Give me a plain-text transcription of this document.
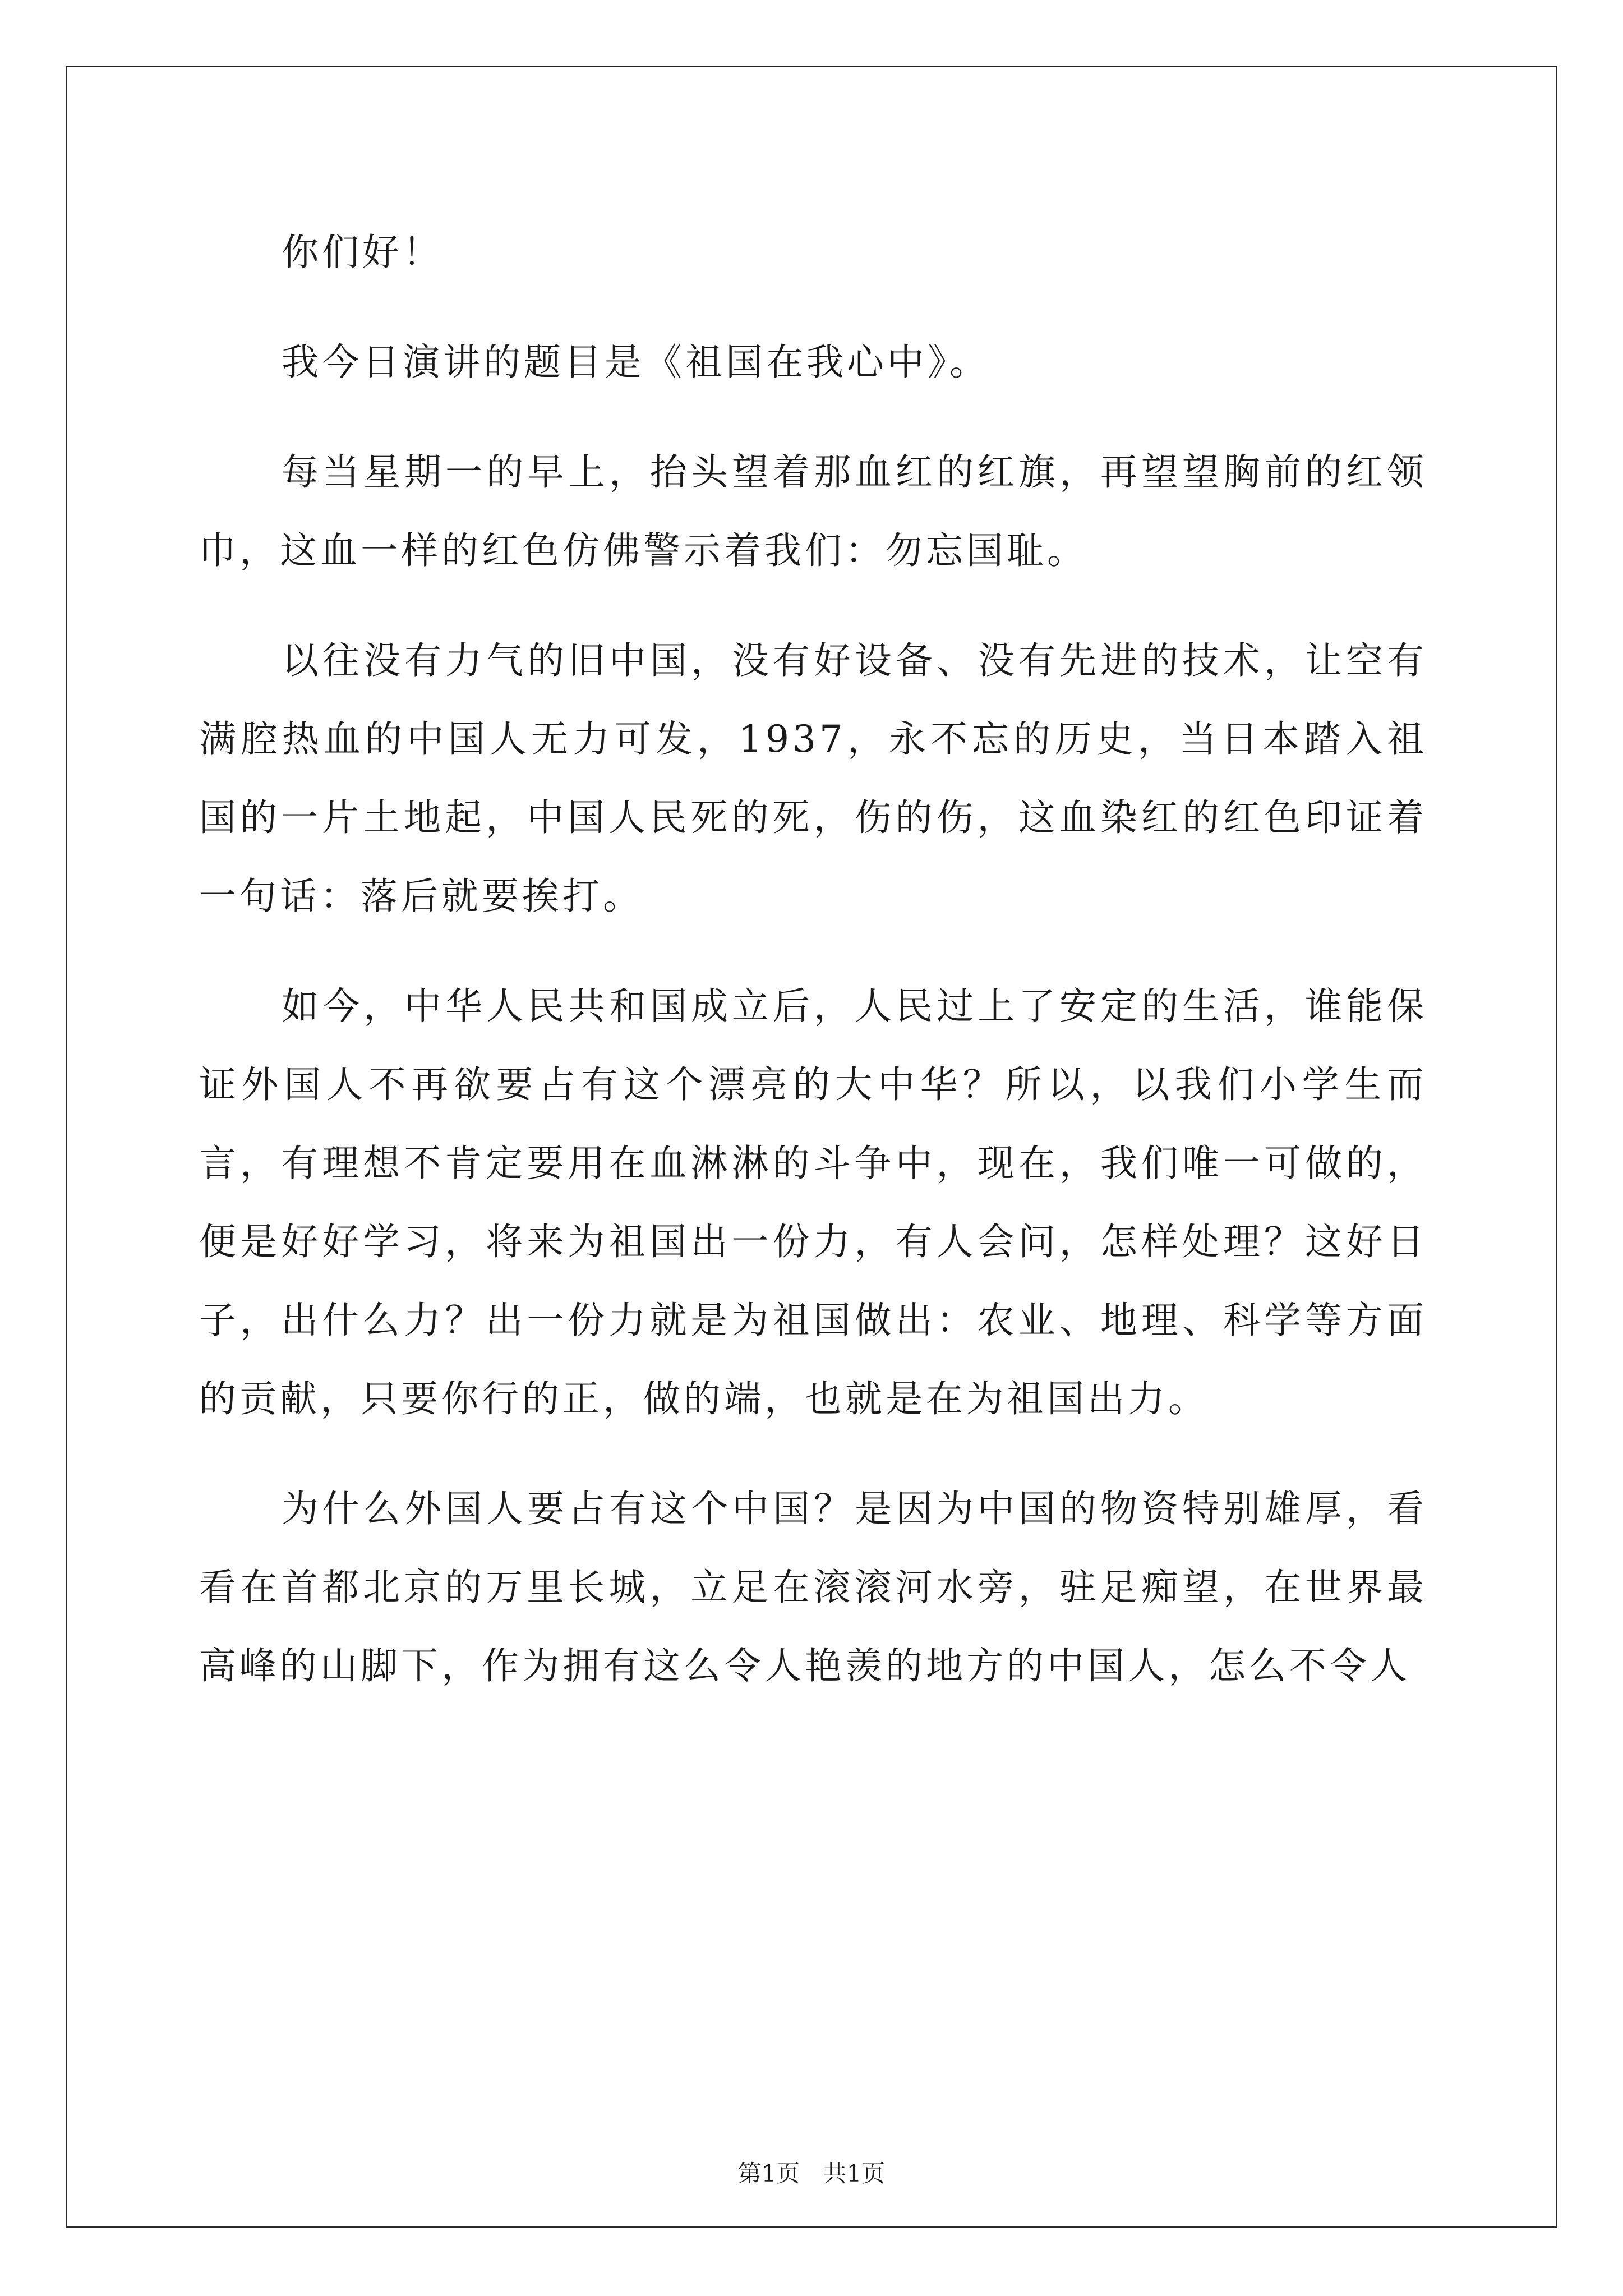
你们好！

我今日演讲的题目是《祖国在我心中》。

每当星期一的早上，抬头望着那血红的红旗，再望望胸前的红领巾，这血一样的红色仿佛警示着我们：勿忘国耻。

以往没有力气的旧中国，没有好设备、没有先进的技术，让空有满腔热血的中国人无力可发，1937，永不忘的历史，当日本踏入祖国的一片土地起，中国人民死的死，伤的伤，这血染红的红色印证着一句话：落后就要挨打。

如今，中华人民共和国成立后，人民过上了安定的生活，谁能保证外国人不再欲要占有这个漂亮的大中华？所以，以我们小学生而言，有理想不肯定要用在血淋淋的斗争中，现在，我们唯一可做的，便是好好学习，将来为祖国出一份力，有人会问，怎样处理？这好日子，出什么力？出一份力就是为祖国做出：农业、地理、科学等方面的贡献，只要你行的正，做的端，也就是在为祖国出力。

为什么外国人要占有这个中国？是因为中国的物资特别雄厚，看看在首都北京的万里长城，立足在滚滚河水旁，驻足痴望，在世界最高峰的山脚下，作为拥有这么令人艳羡的地方的中国人，怎么不令人

第1页 共1页
